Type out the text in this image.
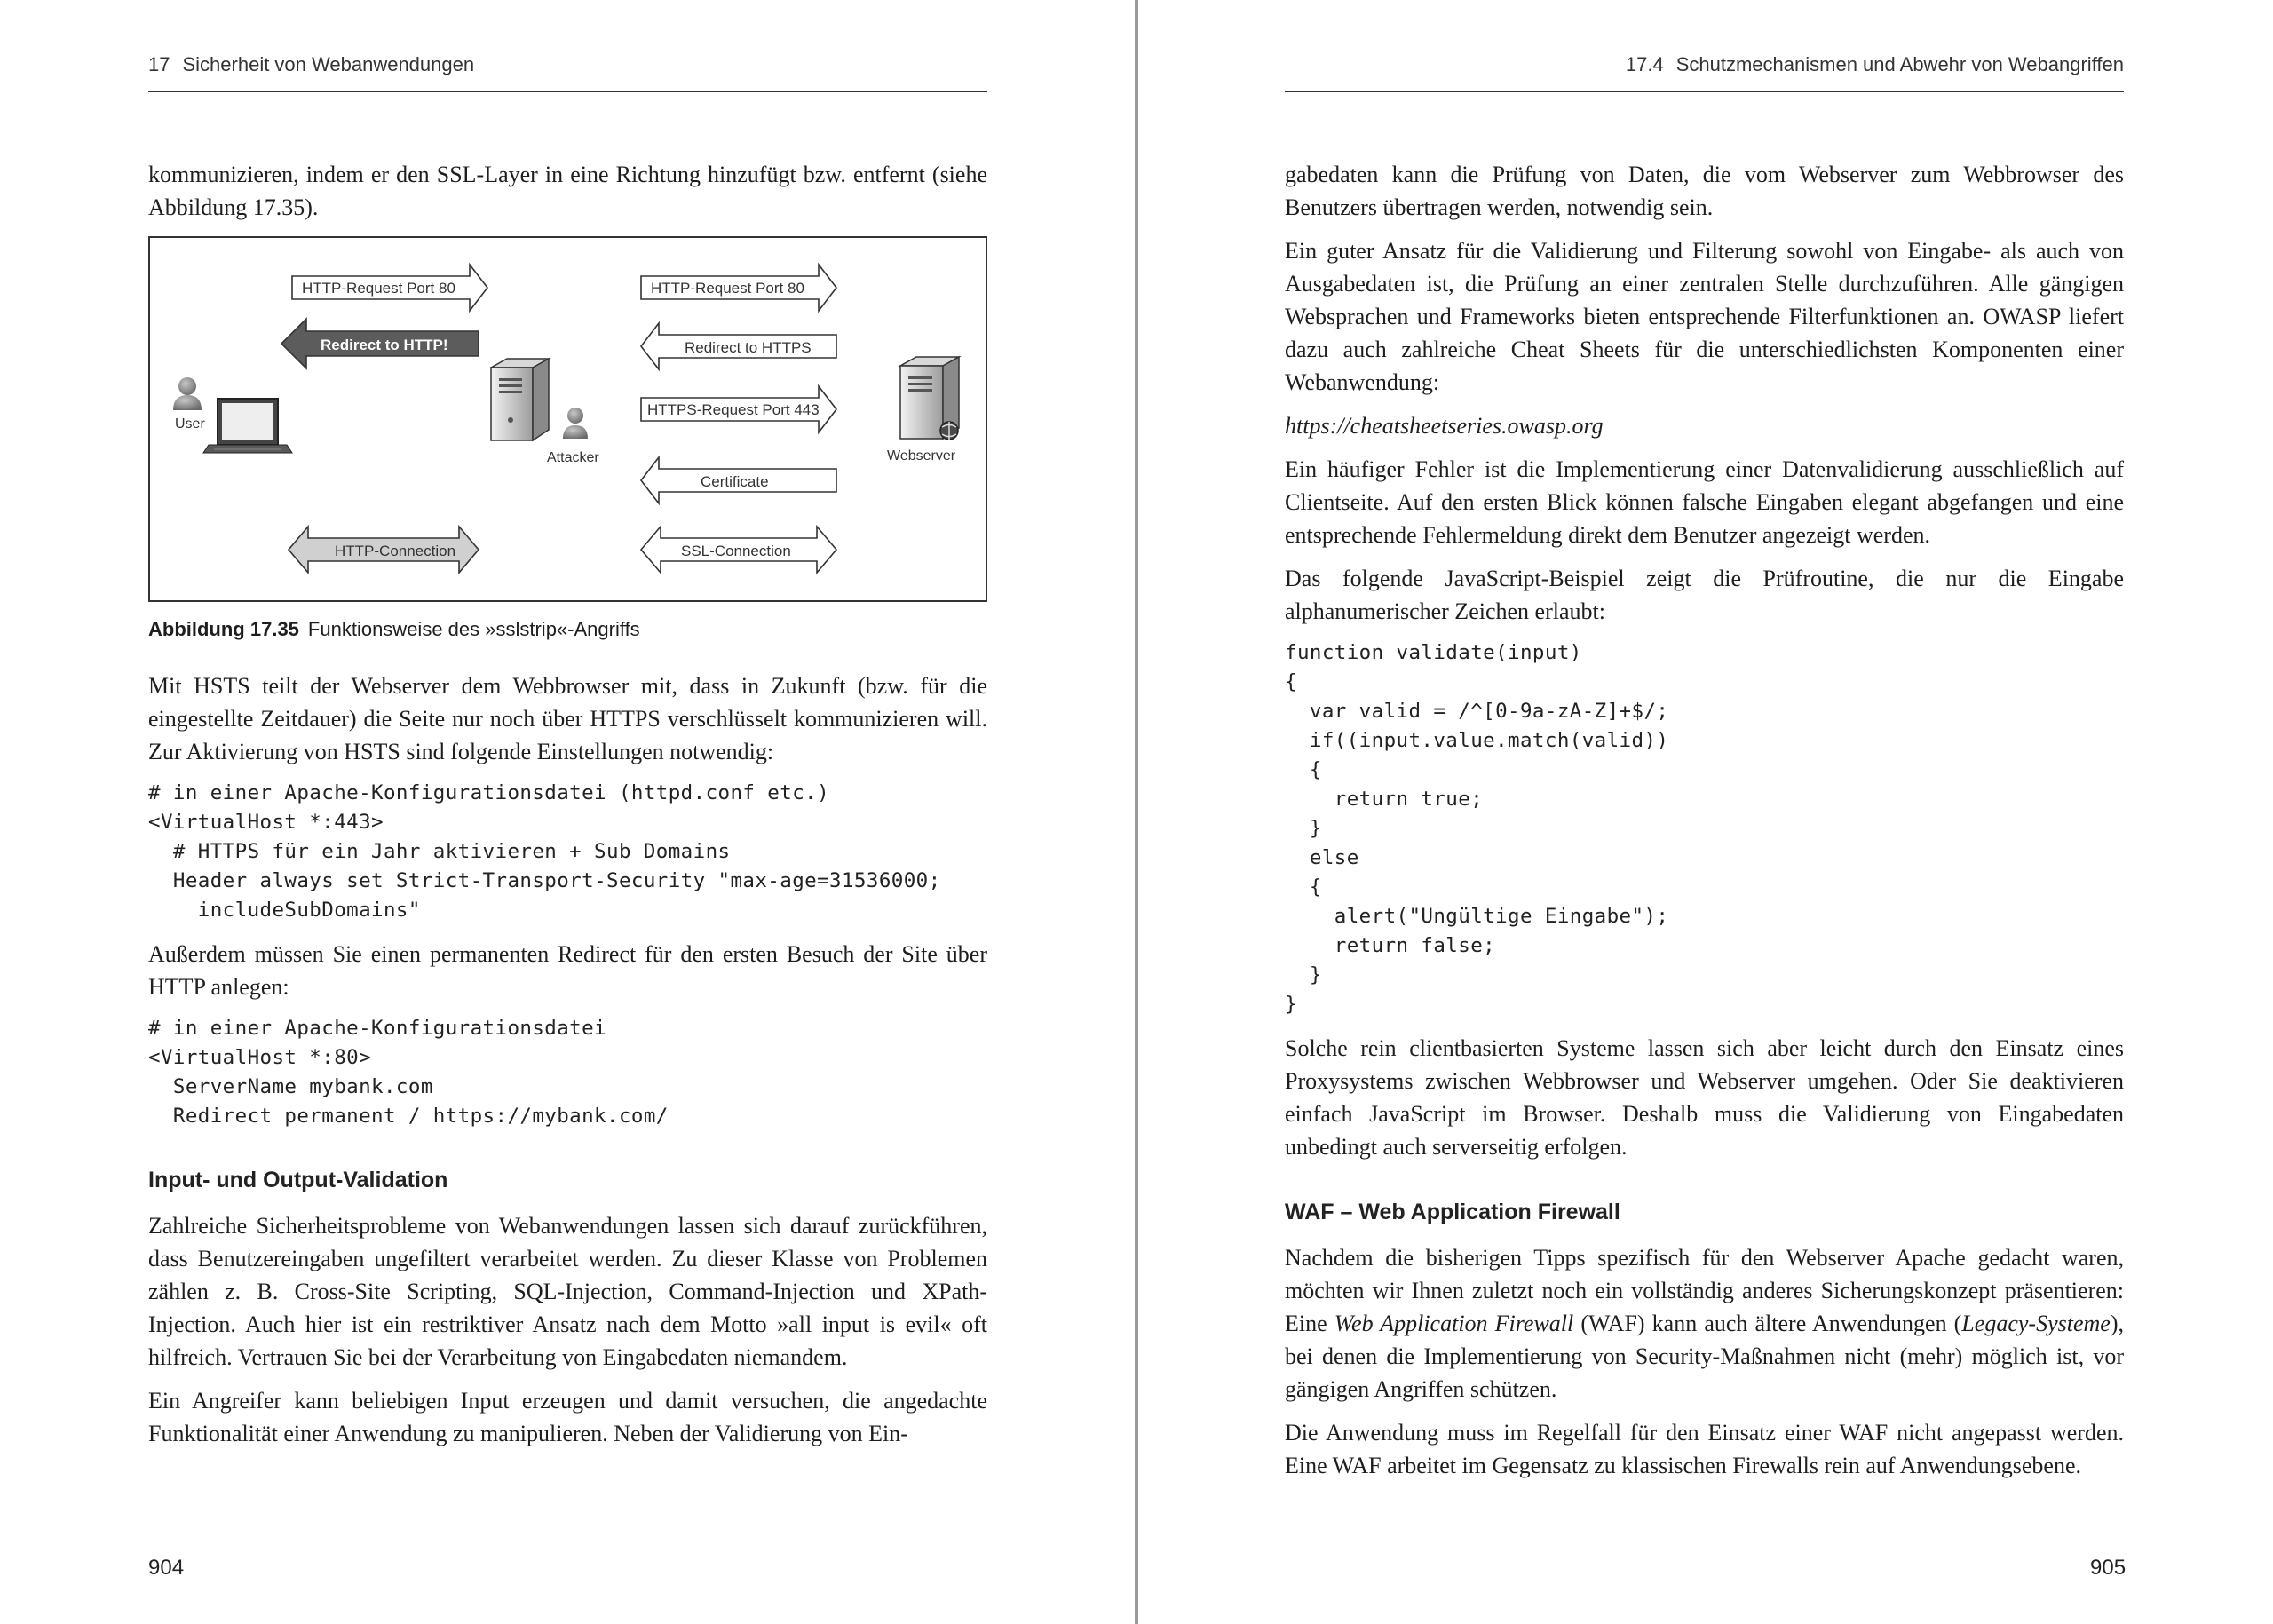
17 Sicherheit von Webanwendungen

kommunizieren, indem er den SSL-Layer in eine Richtung hinzufügt bzw. entfernt (siehe Abbildung 17.35).

User
Attacker	Webserver
HTTP-Request Port 80
Redirect to HTTP!
HTTP-Request Port 80
Redirect to HTTPS
HTTPS-Request Port 443
Certificate
HTTP-Connection	SSL-Connection

Abbildung 17.35 Funktionsweise des »sslstrip«-Angriffs

Mit HSTS teilt der Webserver dem Webbrowser mit, dass in Zukunft (bzw. für die eingestellte Zeitdauer) die Seite nur noch über HTTPS verschlüsselt kommunizieren will. Zur Aktivierung von HSTS sind folgende Einstellungen notwendig:

# in einer Apache-Konfigurationsdatei (httpd.conf etc.)
<VirtualHost *:443>
# HTTPS für ein Jahr aktivieren + Sub Domains
Header always set Strict-Transport-Security "max-age=31536000;
includeSubDomains"

Außerdem müssen Sie einen permanenten Redirect für den ersten Besuch der Site über HTTP anlegen:

# in einer Apache-Konfigurationsdatei
<VirtualHost *:80>
ServerName mybank.com
Redirect permanent / https://mybank.com/
Input- und Output-Validation

Zahlreiche Sicherheitsprobleme von Webanwendungen lassen sich darauf zurückführen, dass Benutzereingaben ungefiltert verarbeitet werden. Zu dieser Klasse von Problemen zählen z. B. Cross-Site Scripting, SQL-Injection, Command-Injection und XPath-Injection. Auch hier ist ein restriktiver Ansatz nach dem Motto »all input is evil« oft hilfreich. Vertrauen Sie bei der Verarbeitung von Eingabedaten niemandem.

Ein Angreifer kann beliebigen Input erzeugen und damit versuchen, die angedachte Funktionalität einer Anwendung zu manipulieren. Neben der Validierung von Ein-

904
17.4 Schutzmechanismen und Abwehr von Webangriffen

gabedaten kann die Prüfung von Daten, die vom Webserver zum Webbrowser des Benutzers übertragen werden, notwendig sein.

Ein guter Ansatz für die Validierung und Filterung sowohl von Eingabe- als auch von Ausgabedaten ist, die Prüfung an einer zentralen Stelle durchzuführen. Alle gängigen Websprachen und Frameworks bieten entsprechende Filterfunktionen an. OWASP liefert dazu auch zahlreiche Cheat Sheets für die unterschiedlichsten Komponenten einer Webanwendung:

https://cheatsheetseries.owasp.org

Ein häufiger Fehler ist die Implementierung einer Datenvalidierung ausschließlich auf Clientseite. Auf den ersten Blick können falsche Eingaben elegant abgefangen und eine entsprechende Fehlermeldung direkt dem Benutzer angezeigt werden.

Das folgende JavaScript-Beispiel zeigt die Prüfroutine, die nur die Eingabe alphanumerischer Zeichen erlaubt:

function validate(input)
{
var valid = /^[0-9a-zA-Z]+$/;
if((input.value.match(valid))
{
return true;
}
else
{
alert("Ungültige Eingabe");
return false;
}
}

Solche rein clientbasierten Systeme lassen sich aber leicht durch den Einsatz eines Proxysystems zwischen Webbrowser und Webserver umgehen. Oder Sie deaktivieren einfach JavaScript im Browser. Deshalb muss die Validierung von Eingabedaten unbedingt auch serverseitig erfolgen.

WAF – Web Application Firewall

Nachdem die bisherigen Tipps spezifisch für den Webserver Apache gedacht waren, möchten wir Ihnen zuletzt noch ein vollständig anderes Sicherungskonzept präsentieren: Eine Web Application Firewall (WAF) kann auch ältere Anwendungen (Legacy-Systeme), bei denen die Implementierung von Security-Maßnahmen nicht (mehr) möglich ist, vor gängigen Angriffen schützen.

Die Anwendung muss im Regelfall für den Einsatz einer WAF nicht angepasst werden. Eine WAF arbeitet im Gegensatz zu klassischen Firewalls rein auf Anwendungsebene.

905
